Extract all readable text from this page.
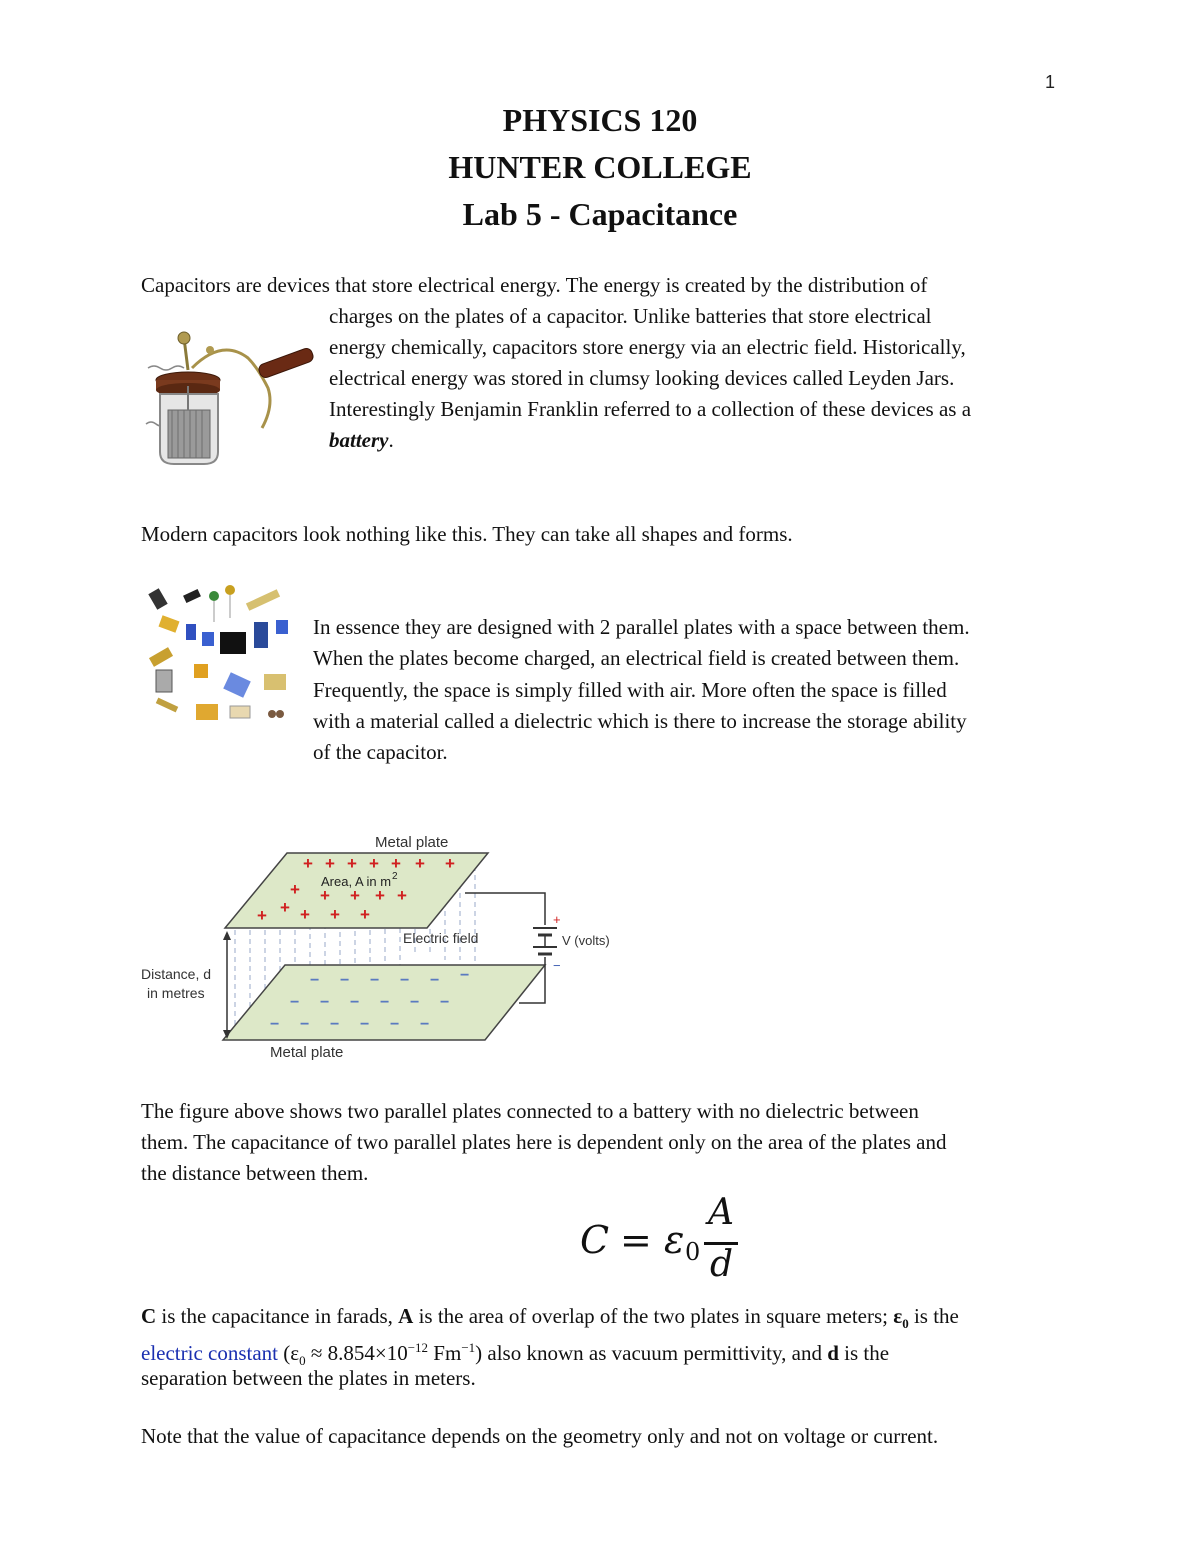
1
PHYSICS 120
HUNTER COLLEGE
Lab 5 - Capacitance
Capacitors are devices that store electrical energy. The energy is created by the distribution of
charges on the plates of a capacitor. Unlike batteries that store electrical
energy chemically, capacitors store energy via an electric field. Historically,
electrical energy was stored in clumsy looking devices called Leyden Jars.
Interestingly Benjamin Franklin referred to a collection of these devices as a
battery.
Modern capacitors look nothing like this. They can take all shapes and forms.
In essence they are designed with 2 parallel plates with a space between them.
When the plates become charged, an electrical field is created between them.
Frequently, the space is simply filled with air. More often the space is filled
with a material called a dielectric which is there to increase the storage ability
of the capacitor.
− − − − − −
− − − − − −
− − − − − −
+ + + + + + +
+ + + + +
+
+ + + +
Area, A in m 2
Metal plate
Electric field
+
−
V (volts)
Distance, d
in metres
Metal plate
The figure above shows two parallel plates connected to a battery with no dielectric between
them. The capacitance of two parallel plates here is dependent only on the area of the plates and
the distance between them.
C = ε 0
A
d
C is the capacitance in farads, A is the area of overlap of the two plates in square meters; $\varepsilon_0$ is the
electric constant ($\varepsilon_0 \approx 8.854\times 10^{-12}$ $Fm^{-1}$) also known as vacuum permittivity, and d is the
separation between the plates in meters.
Note that the value of capacitance depends on the geometry only and not on voltage or current.
